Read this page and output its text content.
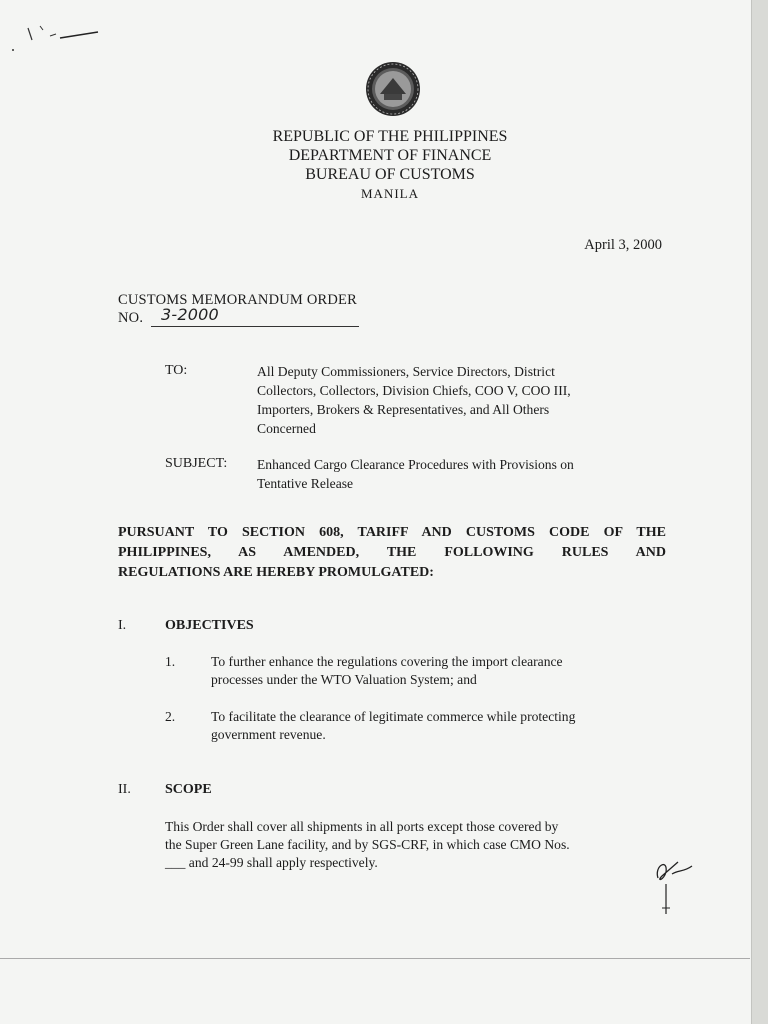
REPUBLIC OF THE PHILIPPINES
DEPARTMENT OF FINANCE
BUREAU OF CUSTOMS
MANILA
April 3, 2000
CUSTOMS MEMORANDUM ORDER
NO. 3-2000
TO:	All Deputy Commissioners, Service Directors, District
Collectors, Collectors, Division Chiefs, COO V, COO III,
Importers, Brokers & Representatives, and All Others
Concerned
SUBJECT: Enhanced Cargo Clearance Procedures with Provisions on
Tentative Release
PURSUANT TO SECTION 608, TARIFF AND CUSTOMS CODE OF THE
PHILIPPINES, AS AMENDED, THE FOLLOWING RULES AND
REGULATIONS ARE HEREBY PROMULGATED:
I.	OBJECTIVES
1.	To further enhance the regulations covering the import clearance
processes under the WTO Valuation System; and
2.	To facilitate the clearance of legitimate commerce while protecting
government revenue.
II. SCOPE
This Order shall cover all shipments in all ports except those covered by
the Super Green Lane facility, and by SGS-CRF, in which case CMO Nos.
___ and 24-99 shall apply respectively.
